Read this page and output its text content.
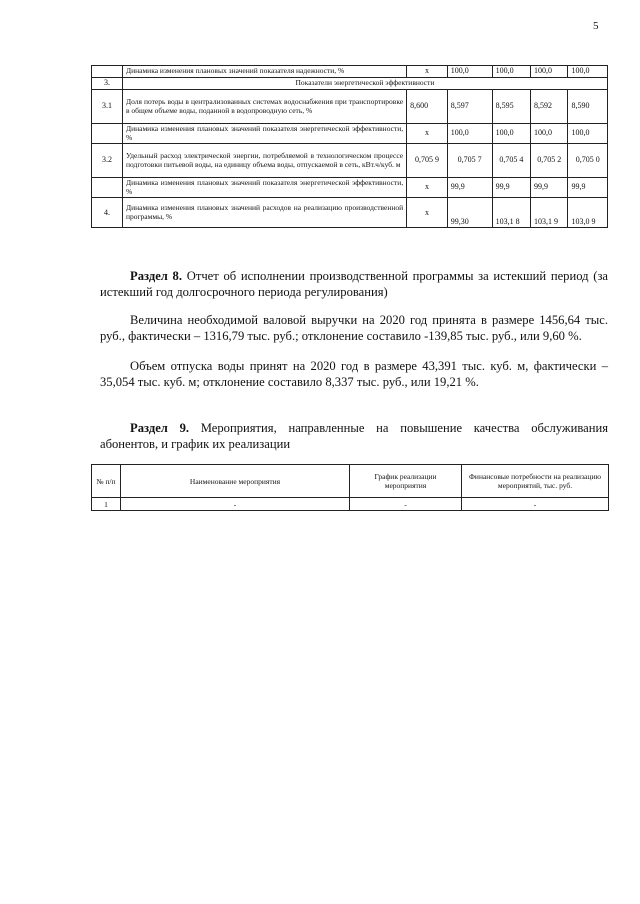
5
	Динамика изменения плановых значений показателя надежности, %	x	100,0	100,0	100,0	100,0
3.	Показатели энергетической эффективности					
3.1	Доля потерь воды в централизованных системах водоснабжения при транспортировке в общем объеме воды, поданной в водопроводную сеть, %	8,600	8,597	8,595	8,592	8,590
	Динамика изменения плановых значений показателя энергетической эффективности, %	x	100,0	100,0	100,0	100,0
3.2	Удельный расход электрической энергии, потребляемой в технологическом процессе подготовки питьевой воды, на единицу объема воды, отпускаемой в сеть, кВт.ч/куб. м	0,705 9	0,705 7	0,705 4	0,705 2	0,705 0
	Динамика изменения плановых значений показателя энергетической эффективности, %	x	99,9	99,9	99,9	99,9
4.	Динамика изменения плановых значений расходов на реализацию производственной программы, %	x	99,30	103,1 8	103,1 9	103,0 9

Раздел 8. Отчет об исполнении производственной программы за истекший период (за истекший год долгосрочного периода регулирования)

Величина необходимой валовой выручки на 2020 год принята в размере 1456,64 тыс. руб., фактически – 1316,79 тыс. руб.; отклонение составило -139,85 тыс. руб., или 9,60 %.

Объем отпуска воды принят на 2020 год в размере 43,391 тыс. куб. м, фактически – 35,054 тыс. куб. м; отклонение составило 8,337 тыс. руб., или 19,21 %.

Раздел 9. Мероприятия, направленные на повышение качества обслуживания абонентов, и график их реализации

№ п/п	Наименование мероприятия	График реализации мероприятия	Финансовые потребности на реализацию мероприятий, тыс. руб.
1	-	-	-
